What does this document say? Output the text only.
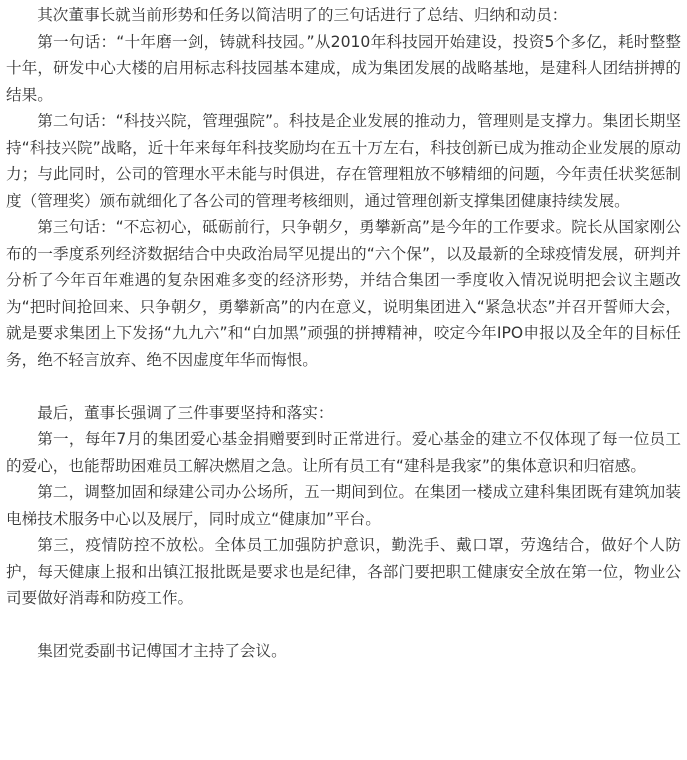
其次董事长就当前形势和任务以简洁明了的三句话进行了总结、归纳和动员：

第一句话：“十年磨一剑，铸就科技园。”从2010年科技园开始建设，投资5个多亿，耗时整整十年，研发中心大楼的启用标志科技园基本建成，成为集团发展的战略基地，是建科人团结拼搏的结果。

第二句话：“科技兴院，管理强院”。科技是企业发展的推动力，管理则是支撑力。集团长期坚持“科技兴院”战略，近十年来每年科技奖励均在五十万左右，科技创新已成为推动企业发展的原动力；与此同时，公司的管理水平未能与时俱进，存在管理粗放不够精细的问题，今年责任状奖惩制度（管理奖）颁布就细化了各公司的管理考核细则，通过管理创新支撑集团健康持续发展。

第三句话：“不忘初心，砥砺前行，只争朝夕，勇攀新高”是今年的工作要求。院长从国家刚公布的一季度系列经济数据结合中央政治局罕见提出的“六个保”，以及最新的全球疫情发展，研判并分析了今年百年难遇的复杂困难多变的经济形势，并结合集团一季度收入情况说明把会议主题改为“把时间抢回来、只争朝夕，勇攀新高”的内在意义，说明集团进入“紧急状态”并召开誓师大会，就是要求集团上下发扬“九九六”和“白加黑”顽强的拼搏精神，咬定今年IPO申报以及全年的目标任务，绝不轻言放弃、绝不因虚度年华而悔恨。

最后，董事长强调了三件事要坚持和落实：

第一，每年7月的集团爱心基金捐赠要到时正常进行。爱心基金的建立不仅体现了每一位员工的爱心，也能帮助困难员工解决燃眉之急。让所有员工有“建科是我家”的集体意识和归宿感。

第二，调整加固和绿建公司办公场所，五一期间到位。在集团一楼成立建科集团既有建筑加装电梯技术服务中心以及展厅，同时成立“健康加”平台。

第三，疫情防控不放松。全体员工加强防护意识，勤洗手、戴口罩，劳逸结合，做好个人防护，每天健康上报和出镇江报批既是要求也是纪律，各部门要把职工健康安全放在第一位，物业公司要做好消毒和防疫工作。

集团党委副书记傅国才主持了会议。
